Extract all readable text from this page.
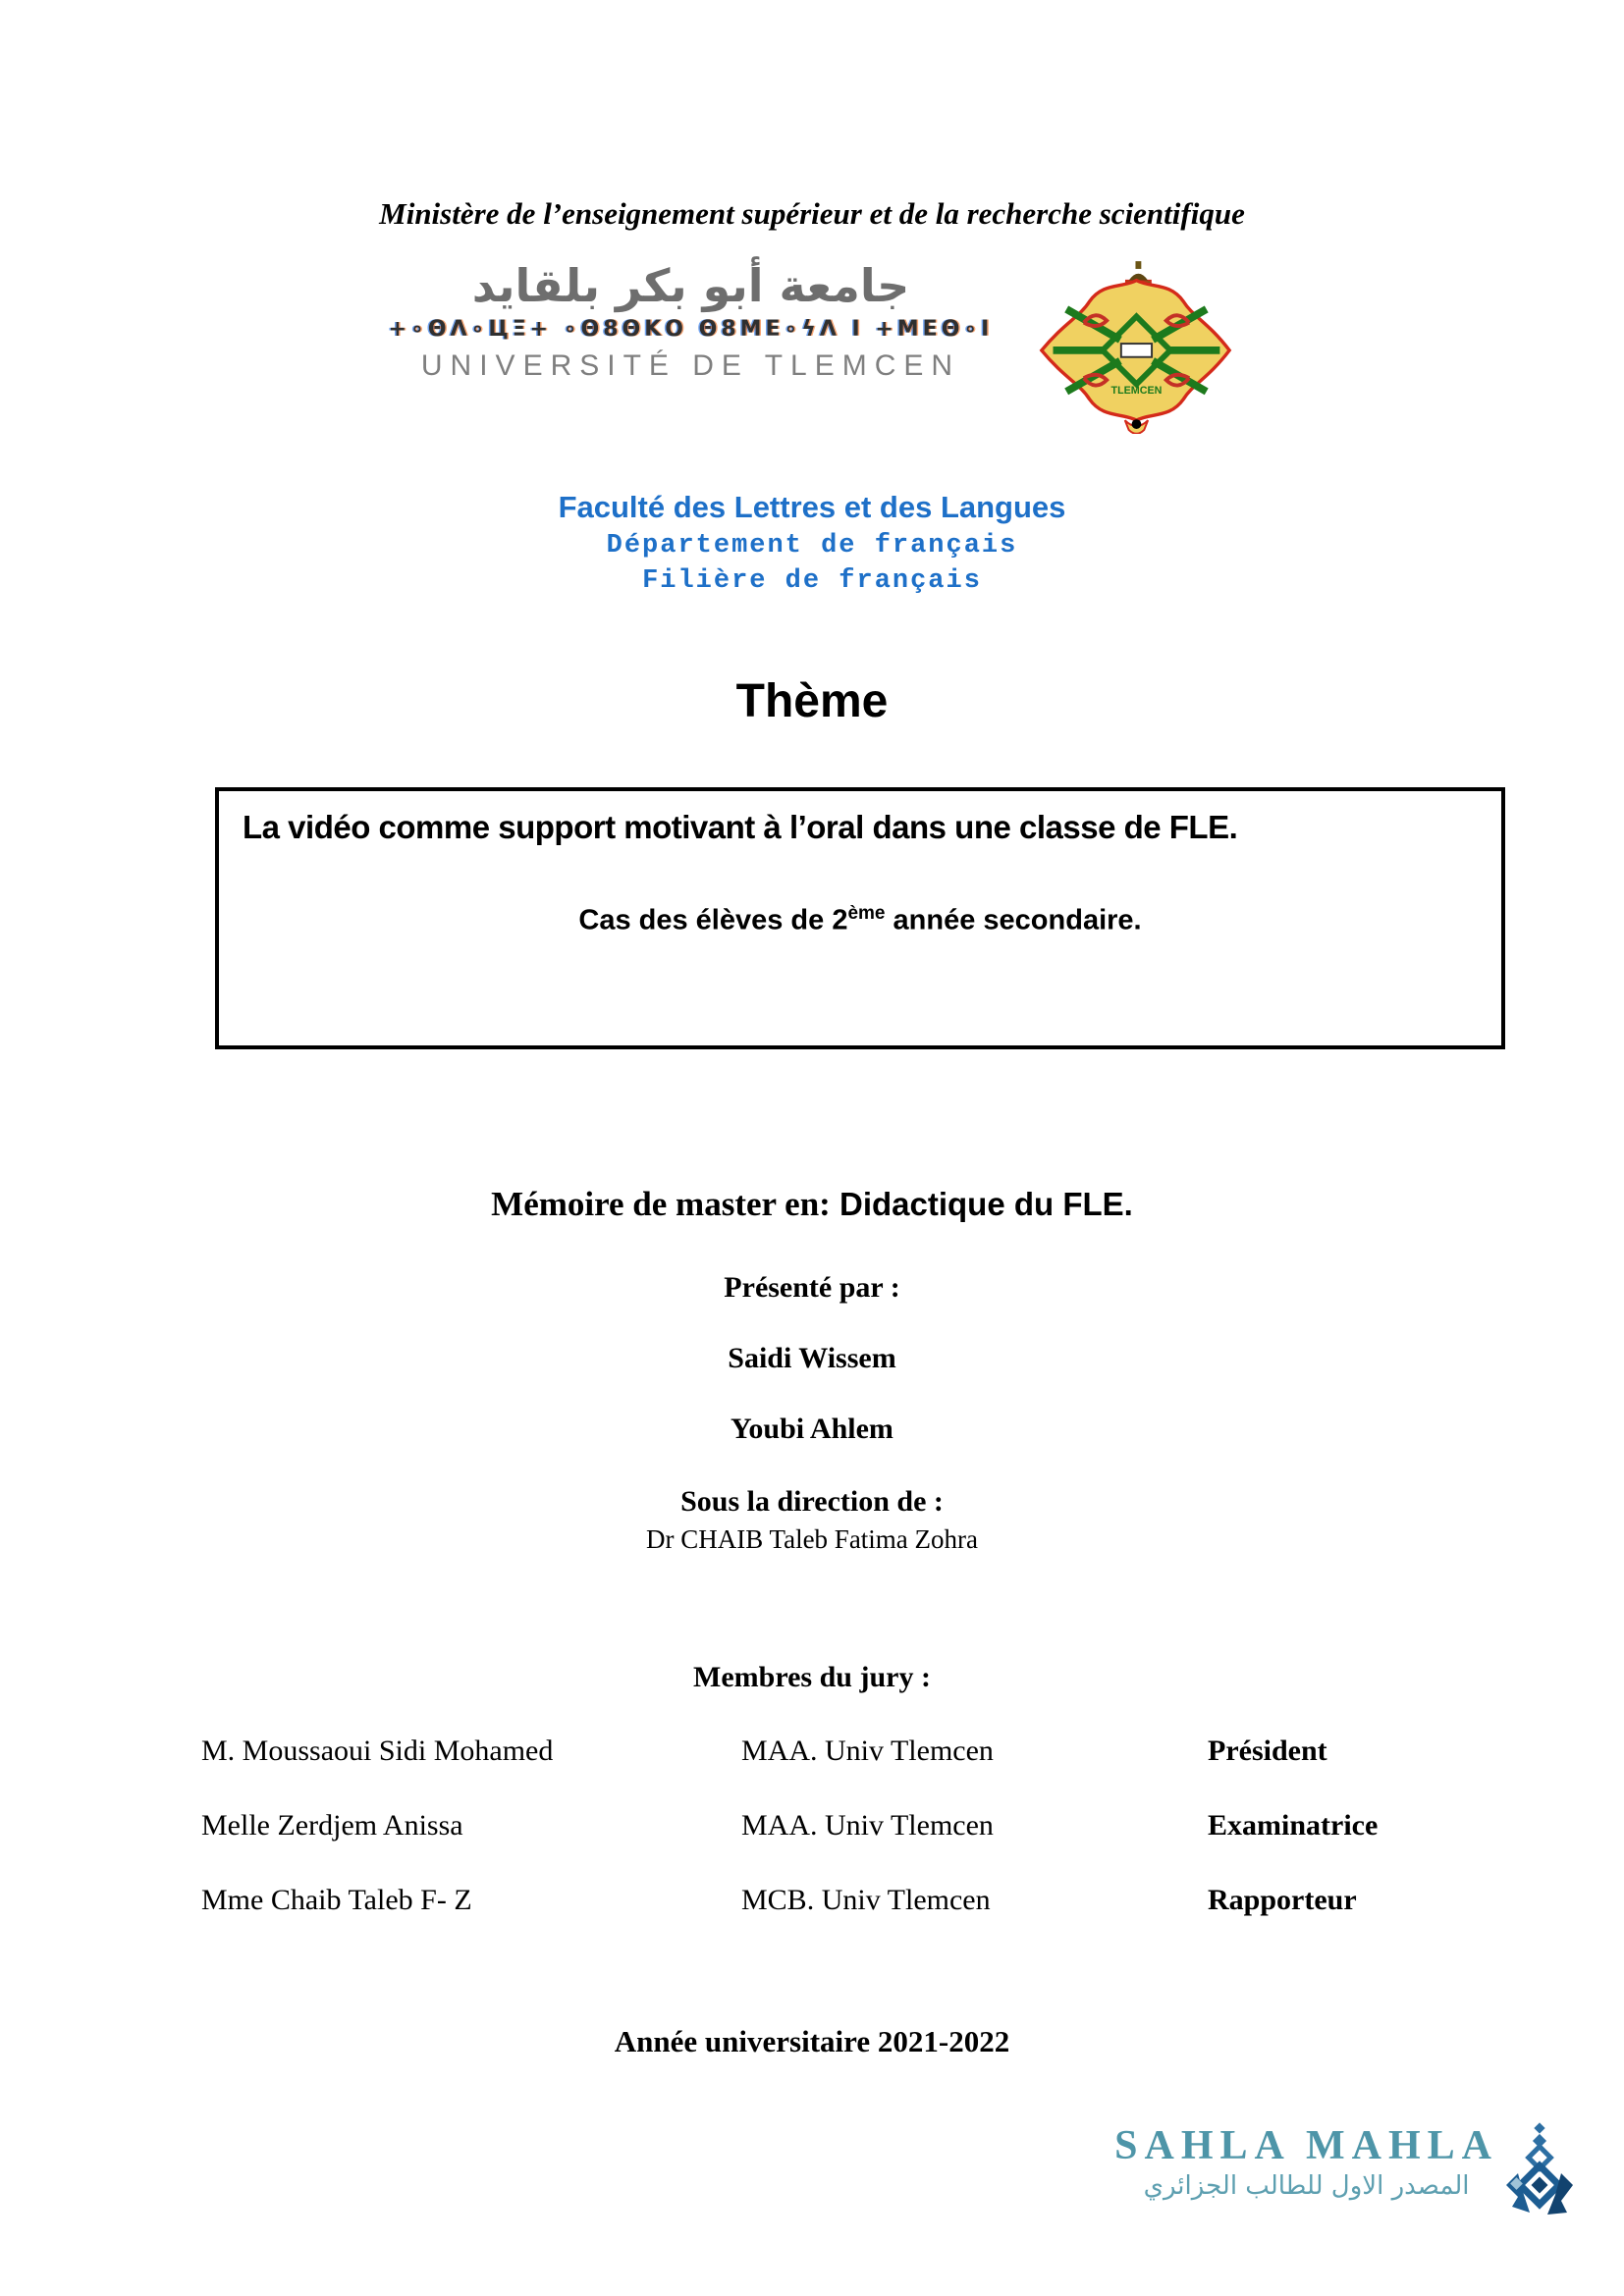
Ministère de l’enseignement supérieur et de la recherche scientifique
جامعة أبو بكر بلقايد
+∘ΘΛ∘ЦΞ+ ∘Θ8ΘΚΟ Θ8ΜΕ∘ϟΛ Ι +ΜΕΘ∘Ι
UNIVERSITÉ DE TLEMCEN
TLEMCEN
Faculté des Lettres et des Langues
Département de français
Filière de français
Thème
La vidéo comme support motivant à l’oral dans une classe de FLE.
Cas des élèves de 2ème année secondaire.
Mémoire de master en: Didactique du FLE.
Présenté par :
Saidi Wissem
Youbi Ahlem
Sous la direction de :
Dr CHAIB Taleb Fatima Zohra
Membres du jury :
M. Moussaoui Sidi Mohamed	MAA. Univ Tlemcen	Président
Melle Zerdjem Anissa	MAA. Univ Tlemcen	Examinatrice
Mme Chaib Taleb F- Z	MCB. Univ Tlemcen	Rapporteur
Année universitaire 2021-2022
SAHLA MAHLA
المصدر الاول للطالب الجزائري
